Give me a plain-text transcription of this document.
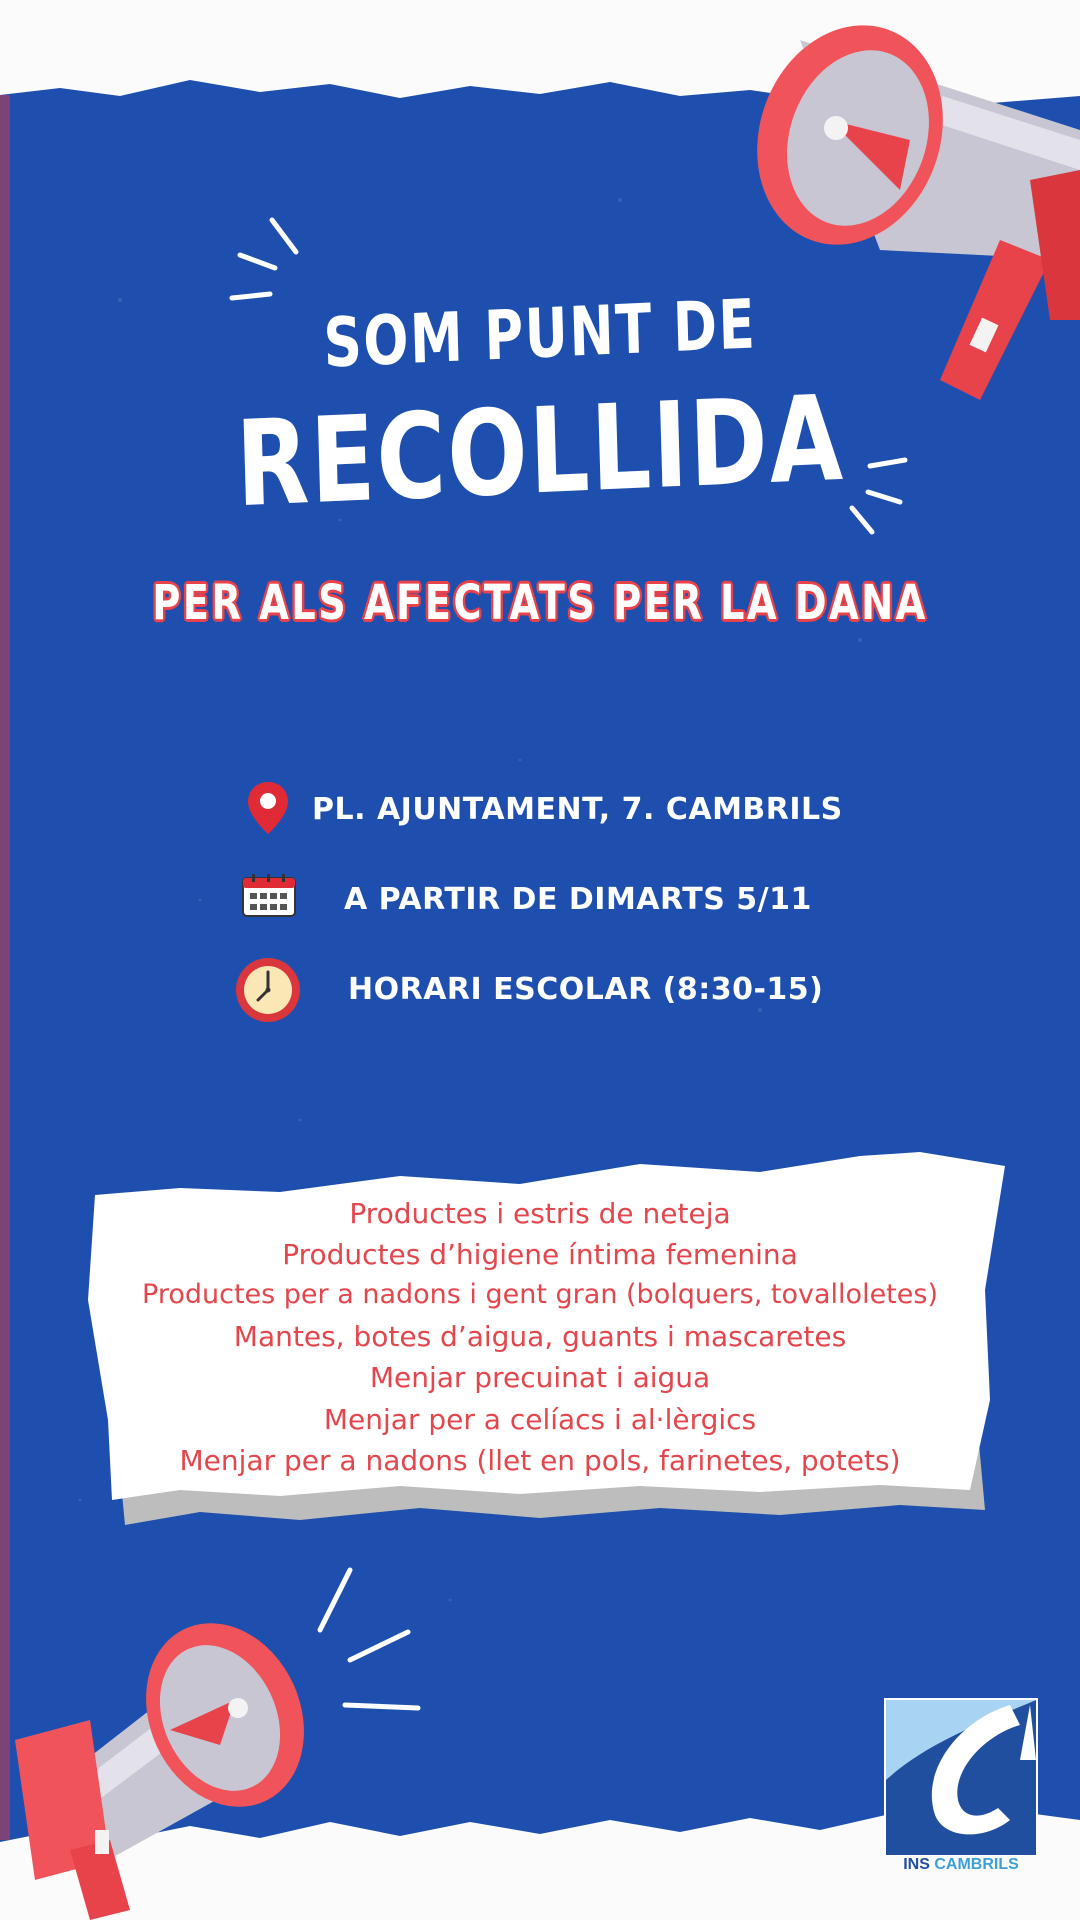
SOM PUNT DE
RECOLLIDA
PER ALS AFECTATS PER LA DANA
PL. AJUNTAMENT, 7. CAMBRILS
A PARTIR DE DIMARTS 5/11
HORARI ESCOLAR (8:30-15)
Productes i estris de neteja
Productes d’higiene íntima femenina
Productes per a nadons i gent gran (bolquers, tovalloletes)
Mantes, botes d’aigua, guants i mascaretes
Menjar precuinat i aigua
Menjar per a celíacs i al·lèrgics
Menjar per a nadons (llet en pols, farinetes, potets)
INS CAMBRILS
